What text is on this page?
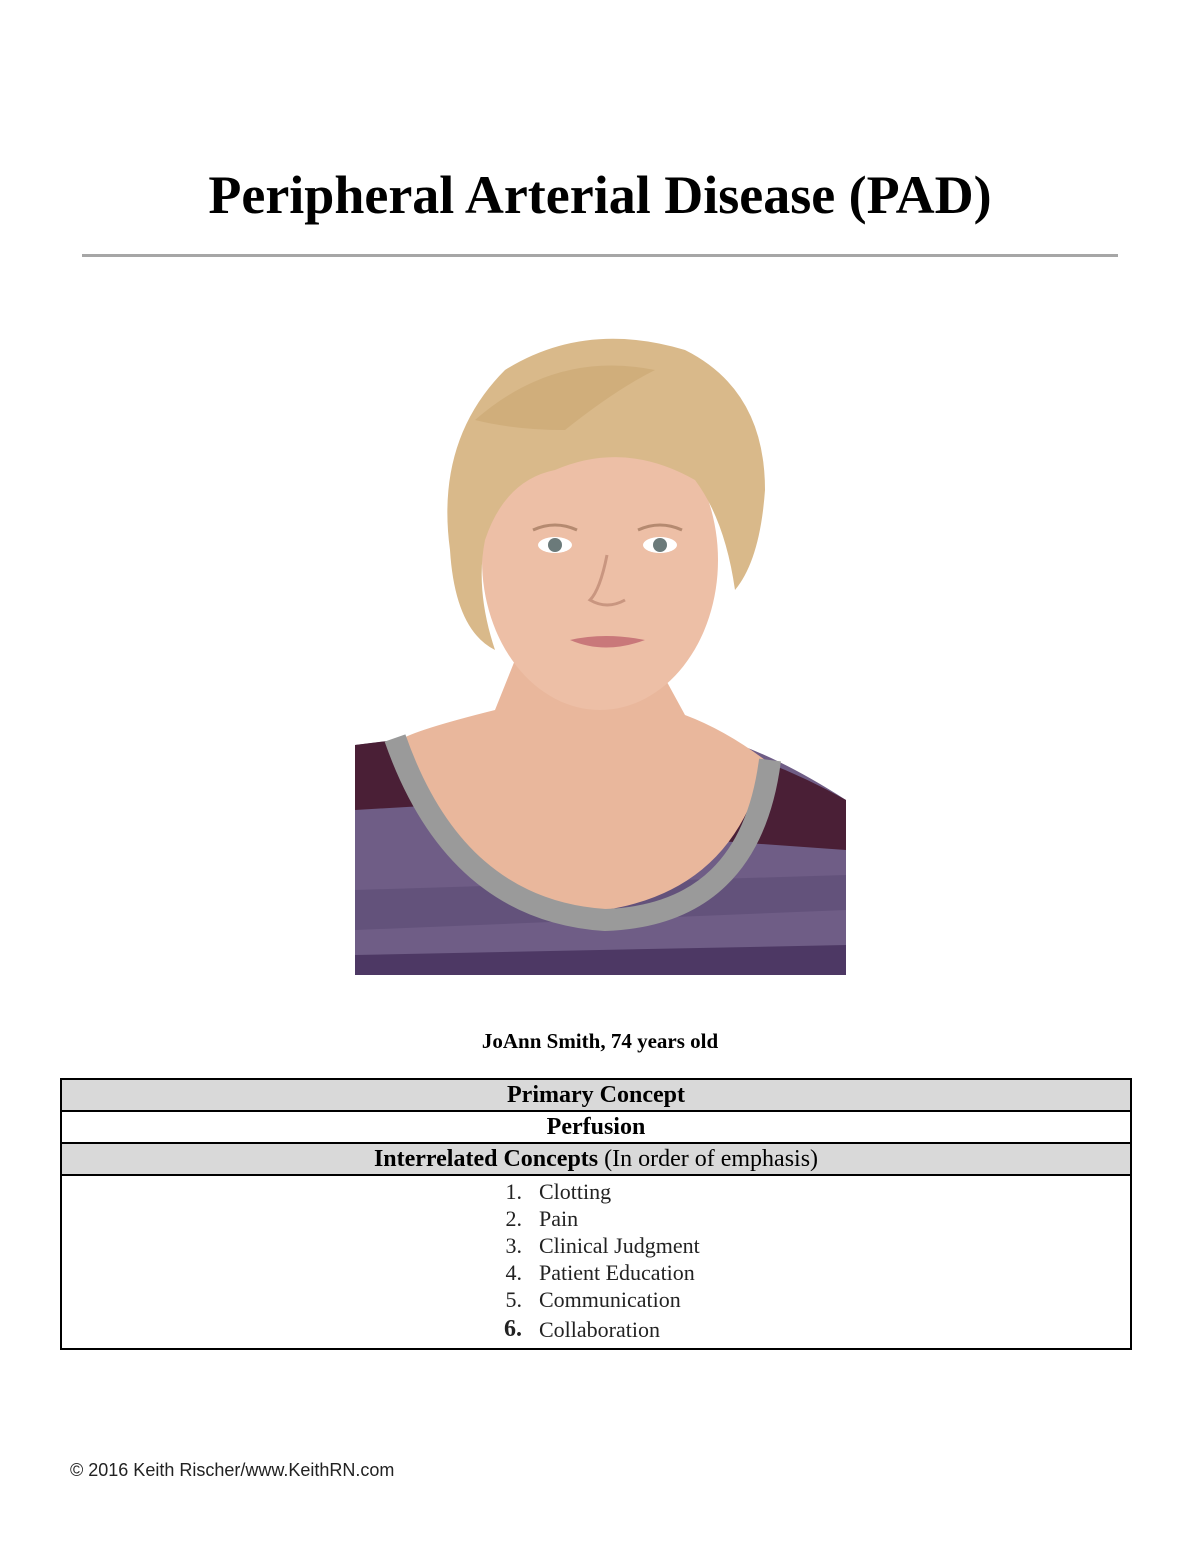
Peripheral Arterial Disease (PAD)
JoAnn Smith, 74 years old
Primary Concept
Perfusion
Interrelated Concepts (In order of emphasis)
1. Clotting
2. Pain
3. Clinical Judgment
4. Patient Education
5. Communication
6. Collaboration
© 2016 Keith Rischer/www.KeithRN.com
